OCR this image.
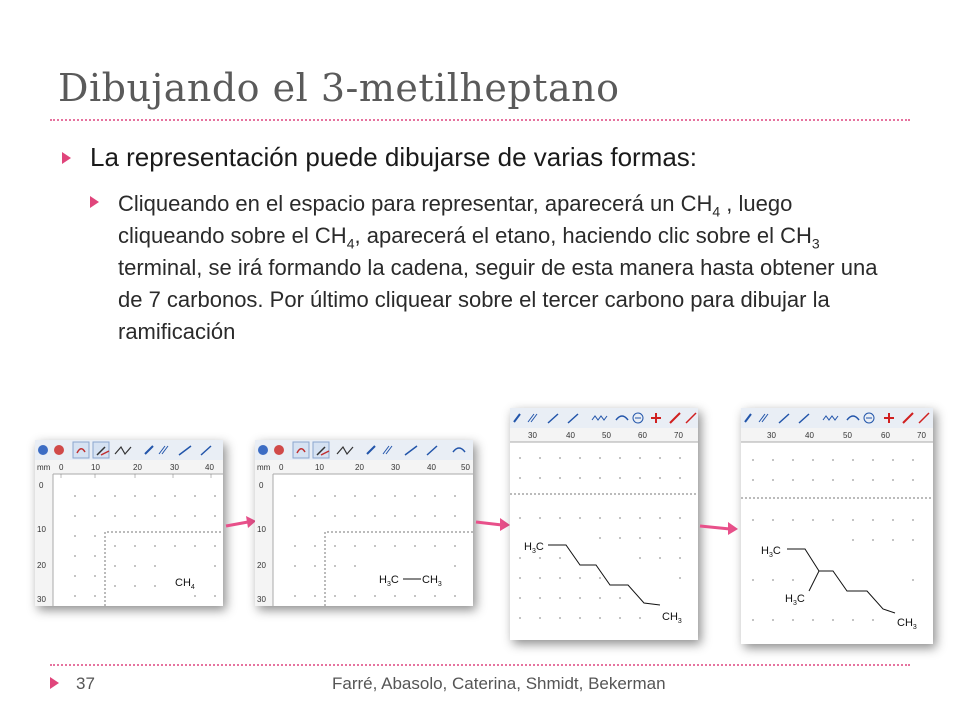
Dibujando el 3-metilheptano
La representación puede dibujarse de varias formas:
Cliqueando en el espacio para representar, aparecerá un $CH_4$ , luego cliqueando sobre el $CH_4$, aparecerá el etano, haciendo clic sobre el $CH_3$ terminal, se irá formando la cadena, seguir de esta manera hasta obtener una de 7 carbonos. Por último cliquear sobre el tercer carbono para dibujar la ramificación
mm 0	10	20	30	40
0
10
20
30
$CH_4$
mm 0	10	20	30	40	50
0
10
20
30
$H_3C$ $CH_3$
30	40	50	60	70
$H_3C$
$CH_3$
30	40	50	60	70
$H_3C$
$H_3C$
$CH_3$
37	Farré, Abasolo, Caterina, Shmidt, Bekerman
